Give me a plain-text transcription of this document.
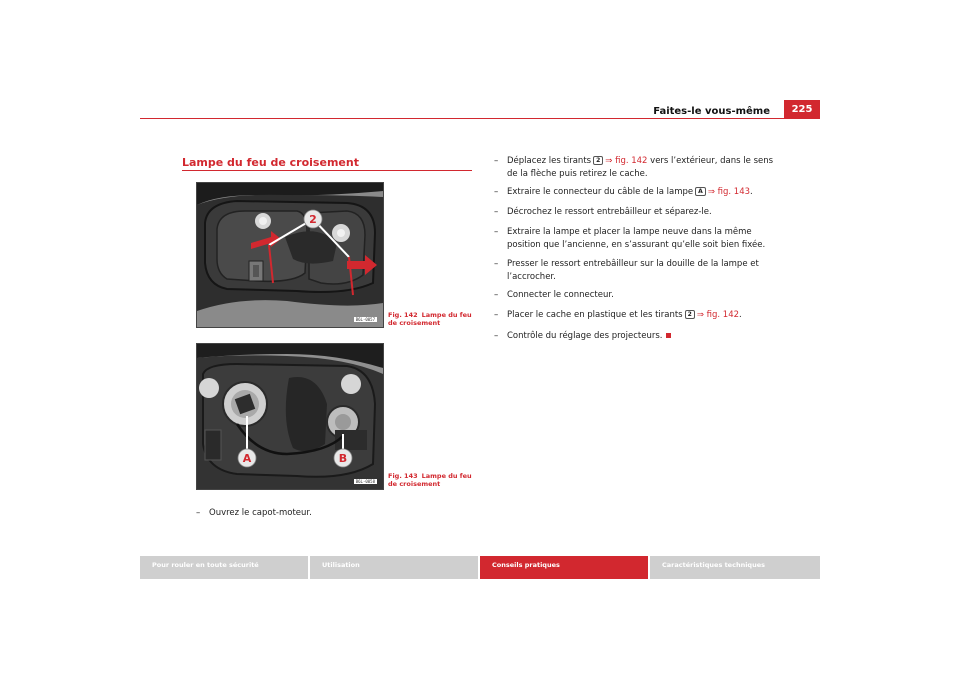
Faites-le vous-même	225
Lampe du feu de croisement
2
B6L-0057
Fig. 142 Lampe du feu de croisement
A	B
B6L-0058
Fig. 143 Lampe du feu de croisement
–	Ouvrez le capot-moteur.
–	Déplacez les tirants 2 ⇒ fig. 142 vers l’extérieur, dans le sens de la flèche puis retirez le cache.
–	Extraire le connecteur du câble de la lampe A ⇒ fig. 143.
–	Décrochez le ressort entrebâilleur et séparez-le.
–	Extraire la lampe et placer la lampe neuve dans la même position que l’ancienne, en s’assurant qu’elle soit bien fixée.
–	Presser le ressort entrebâilleur sur la douille de la lampe et l’accrocher.
–	Connecter le connecteur.
–	Placer le cache en plastique et les tirants 2 ⇒ fig. 142.
–	Contrôle du réglage des projecteurs.
Pour rouler en toute sécurité	Utilisation	Conseils pratiques	Caractéristiques techniques
